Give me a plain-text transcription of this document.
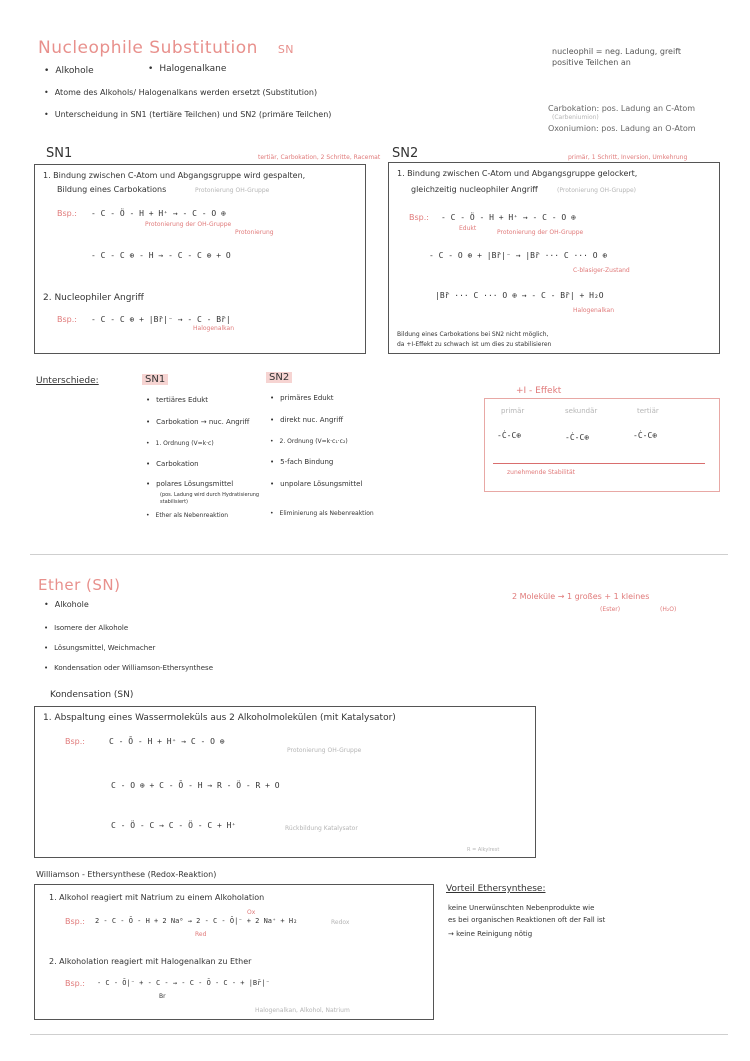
Nucleophile Substitution SN
• Alkohole
•	Halogenalkane
• Atome des Alkohols/ Halogenalkans werden ersetzt (Substitution)
• Unterscheidung in SN1 (tertiäre Teilchen) und SN2 (primäre Teilchen)
nucleophil = neg. Ladung, greift positive Teilchen an
Carbokation: pos. Ladung an C-Atom
(Carbeniumion)
Oxoniumion: pos. Ladung an O-Atom
SN1	tertiär, Carbokation, 2 Schritte, Racemat
1. Bindung zwischen C-Atom und Abgangsgruppe wird gespalten,
Bildung eines Carbokations	Protonierung OH-Gruppe
Bsp.: - C - Ö - H + H⁺ → - C - O ⊕
Protonierung der OH-Gruppe
Protonierung
- C - C ⊕ - H → - C - C ⊕ + O
2. Nucleophiler Angriff
Bsp.: - C - C ⊕ + |Br̄|⁻ → - C - Br̄|
Halogenalkan
SN2	primär, 1 Schritt, Inversion, Umkehrung
1. Bindung zwischen C-Atom und Abgangsgruppe gelockert,
gleichzeitig nucleophiler Angriff	(Protonierung OH-Gruppe)
Bsp.: - C - Ö - H + H⁺ → - C - O ⊕
Edukt
Protonierung der OH-Gruppe
- C - O ⊕ + |Br̄|⁻ → |Br̄ ··· C ··· O ⊕
C-blasiger-Zustand
|Br̄ ··· C ··· O ⊕ → - C - Br̄| + H₂O
Halogenalkan
Bildung eines Carbokations bei SN2 nicht möglich,
da +I-Effekt zu schwach ist um dies zu stabilisieren
Unterschiede:	SN1	SN2
• tertiäres Edukt
• Carbokation → nuc. Angriff
• 1. Ordnung (V=k·c)
• Carbokation
• polares Lösungsmittel
(pos. Ladung wird durch Hydratisierung stabilisiert)
• Ether als Nebenreaktion
• primäres Edukt
• direkt nuc. Angriff
• 2. Ordnung (V=k·c₁·c₂)
• 5-fach Bindung
• unpolare Lösungsmittel
• Eliminierung als Nebenreaktion
+I - Effekt
primär	sekundär	tertiär
-Ċ-C⊕	-Ċ-C⊕	-Ċ-C⊕
zunehmende Stabilität
Ether (SN)
• Alkohole
• Isomere der Alkohole
• Lösungsmittel, Weichmacher
• Kondensation oder Williamson-Ethersynthese
2 Moleküle → 1 großes + 1 kleines
(Ester)	(H₂O)
Kondensation (SN)
1. Abspaltung eines Wassermoleküls aus 2 Alkoholmolekülen (mit Katalysator)
Bsp.:	C - Ō - H + H⁺ → C - O ⊕
Protonierung OH-Gruppe
C - O ⊕ + C - Ō - H → R - Ö - R + O
C - Ö - C → C - Ö - C + H⁺	Rückbildung Katalysator
R = Alkylrest
Williamson - Ethersynthese (Redox-Reaktion)
1. Alkohol reagiert mit Natrium zu einem Alkoholation
Bsp.: 2 - C - Ō - H + 2 Na⁰ → 2 - C - Ō|⁻ + 2 Na⁺ + H₂
Ox
Red
Redox
2. Alkoholation reagiert mit Halogenalkan zu Ether
Bsp.: - C - Ō|⁻ + - C - → - C - Ō - C - + |Br̄|⁻
Br
Halogenalkan, Alkohol, Natrium
Vorteil Ethersynthese:
keine Unerwünschten Nebenprodukte wie
es bei organischen Reaktionen oft der Fall ist
→ keine Reinigung nötig
